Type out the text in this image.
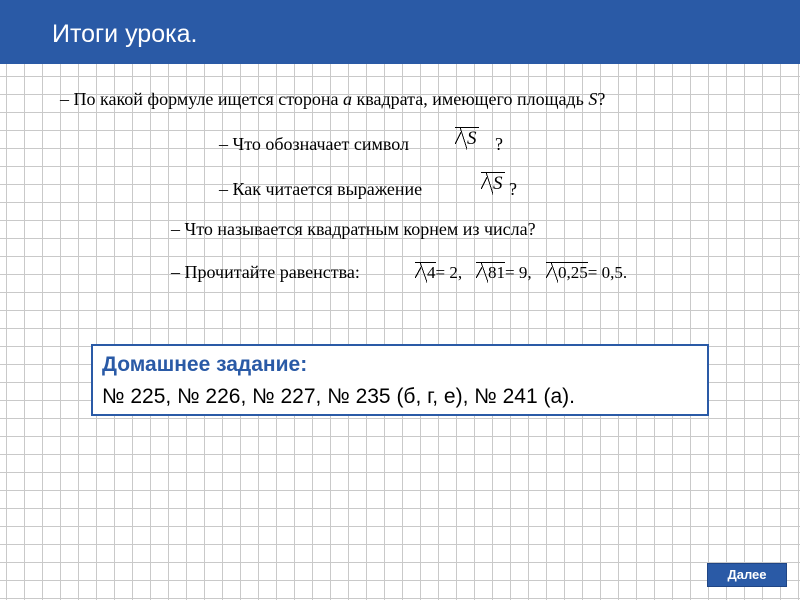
Итоги урока.
– По какой формуле ищется сторона a квадрата, имеющего площадь S?
– Что обозначает символ	S ?
– Как читается выражение	S ?
– Что называется квадратным корнем из числа?
– Прочитайте равенства:	4= 2,	81= 9,	0,25= 0,5.
Домашнее задание:
№ 225, № 226, № 227, № 235 (б, г, е), № 241 (а).
Далее
